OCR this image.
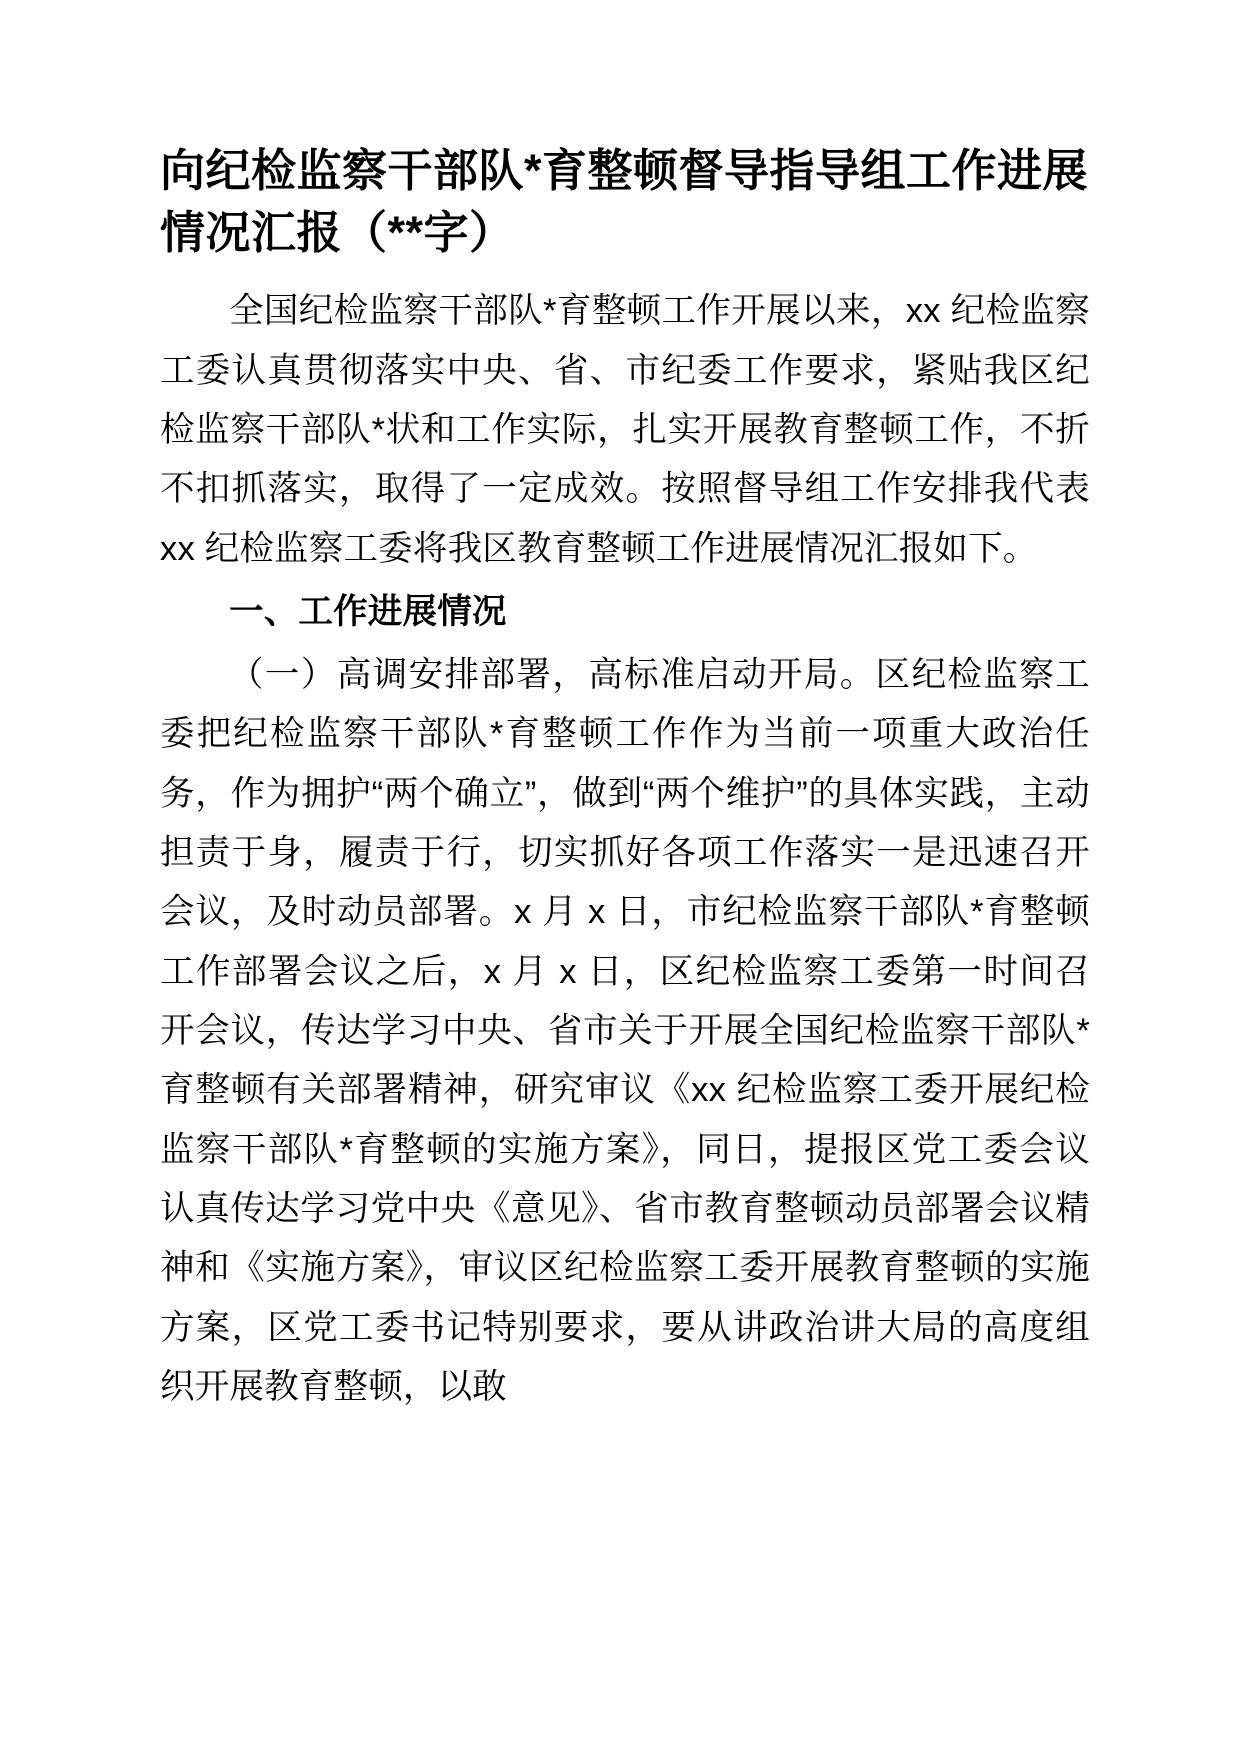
向纪检监察干部队*育整顿督导指导组工作进展情况汇报（**字）

全国纪检监察干部队*育整顿工作开展以来，xx 纪检监察工委认真贯彻落实中央、省、市纪委工作要求，紧贴我区纪检监察干部队*状和工作实际，扎实开展教育整顿工作，不折不扣抓落实，取得了一定成效。按照督导组工作安排我代表 xx 纪检监察工委将我区教育整顿工作进展情况汇报如下。

一、工作进展情况

（一）高调安排部署，高标准启动开局。区纪检监察工委把纪检监察干部队*育整顿工作作为当前一项重大政治任务，作为拥护“两个确立”，做到“两个维护”的具体实践，主动担责于身，履责于行，切实抓好各项工作落实一是迅速召开会议，及时动员部署。x 月 x 日，市纪检监察干部队*育整顿工作部署会议之后，x 月 x 日，区纪检监察工委第一时间召开会议，传达学习中央、省市关于开展全国纪检监察干部队*育整顿有关部署精神，研究审议《xx 纪检监察工委开展纪检监察干部队*育整顿的实施方案》，同日，提报区党工委会议认真传达学习党中央《意见》、省市教育整顿动员部署会议精神和《实施方案》，审议区纪检监察工委开展教育整顿的实施方案，区党工委书记特别要求，要从讲政治讲大局的高度组织开展教育整顿，以敢
